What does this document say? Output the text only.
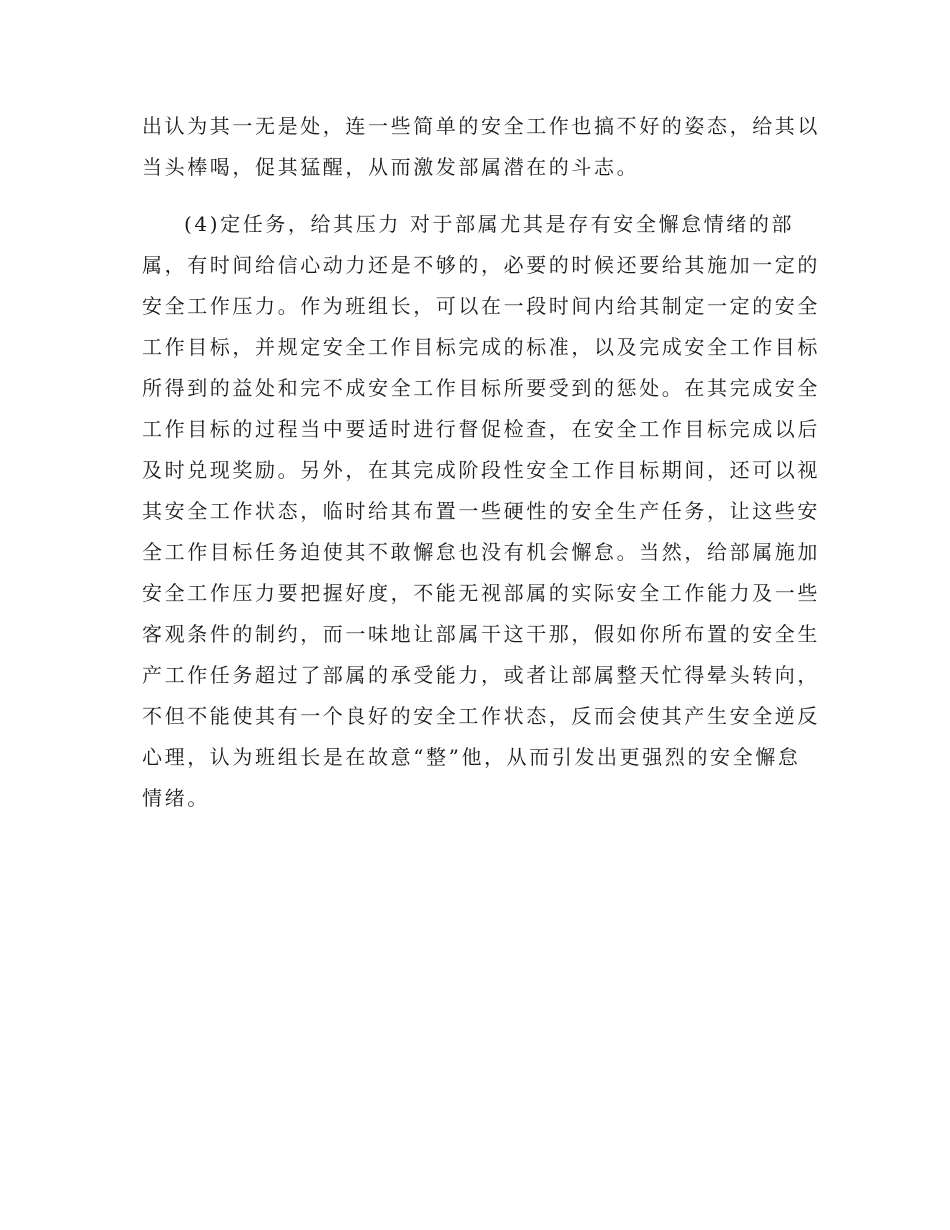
出认为其一无是处，连一些简单的安全工作也搞不好的姿态，给其以
当头棒喝，促其猛醒，从而激发部属潜在的斗志。
(4)定任务，给其压力 对于部属尤其是存有安全懈怠情绪的部
属，有时间给信心动力还是不够的，必要的时候还要给其施加一定的
安全工作压力。作为班组长，可以在一段时间内给其制定一定的安全
工作目标，并规定安全工作目标完成的标准，以及完成安全工作目标
所得到的益处和完不成安全工作目标所要受到的惩处。在其完成安全
工作目标的过程当中要适时进行督促检查，在安全工作目标完成以后
及时兑现奖励。另外，在其完成阶段性安全工作目标期间，还可以视
其安全工作状态，临时给其布置一些硬性的安全生产任务，让这些安
全工作目标任务迫使其不敢懈怠也没有机会懈怠。当然，给部属施加
安全工作压力要把握好度，不能无视部属的实际安全工作能力及一些
客观条件的制约，而一味地让部属干这干那，假如你所布置的安全生
产工作任务超过了部属的承受能力，或者让部属整天忙得晕头转向，
不但不能使其有一个良好的安全工作状态，反而会使其产生安全逆反
心理，认为班组长是在故意“整”他，从而引发出更强烈的安全懈怠
情绪。
